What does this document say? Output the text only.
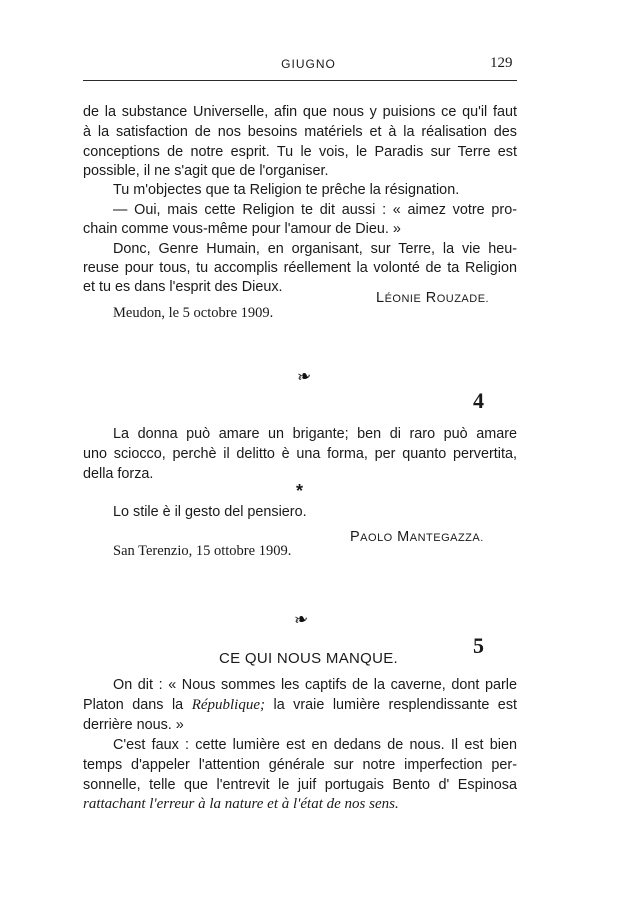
GIUGNO	129
de la substance Universelle, afin que nous y puisions ce qu'il faut
à la satisfaction de nos besoins matériels et à la réalisation des
conceptions de notre esprit. Tu le vois, le Paradis sur Terre est
possible, il ne s'agit que de l'organiser.
Tu m'objectes que ta Religion te prêche la résignation.
— Oui, mais cette Religion te dit aussi : « aimez votre pro-
chain comme vous-même pour l'amour de Dieu. »
Donc, Genre Humain, en organisant, sur Terre, la vie heu-
reuse pour tous, tu accomplis réellement la volonté de ta Religion
et tu es dans l'esprit des Dieux.
LÉONIE ROUZADE.
Meudon, le 5 octobre 1909.
❧
4
La donna può amare un brigante; ben di raro può amare
uno sciocco, perchè il delitto è una forma, per quanto pervertita,
della forza.
*
Lo stile è il gesto del pensiero.
PAOLO MANTEGAZZA.
San Terenzio, 15 ottobre 1909.
❧
5
CE QUI NOUS MANQUE.
On dit : « Nous sommes les captifs de la caverne, dont parle
Platon dans la République; la vraie lumière resplendissante est
derrière nous. »
C'est faux : cette lumière est en dedans de nous. Il est bien
temps d'appeler l'attention générale sur notre imperfection per-
sonnelle, telle que l'entrevit le juif portugais Bento d' Espinosa
rattachant l'erreur à la nature et à l'état de nos sens.
